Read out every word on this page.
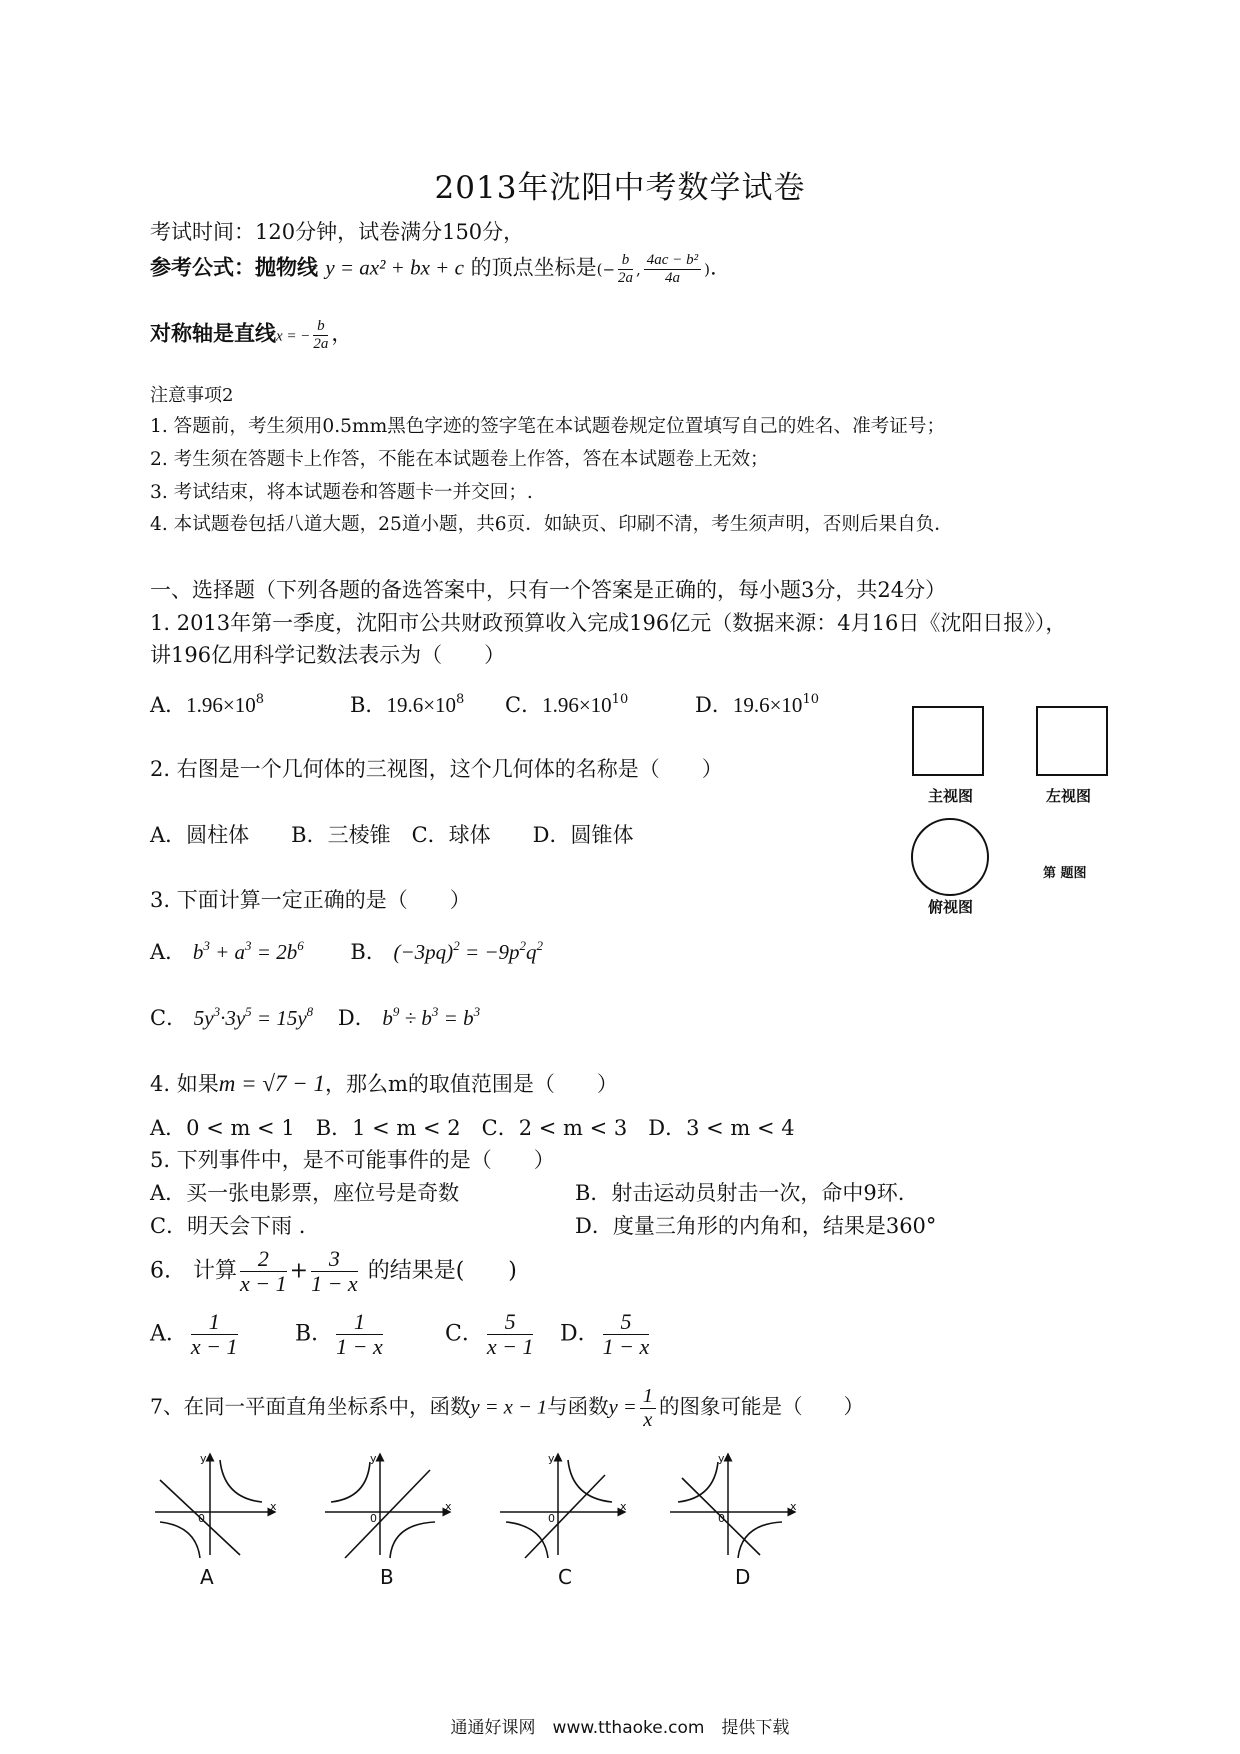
2013年沈阳中考数学试卷
考试时间：120分钟，试卷满分150分，
参考公式：抛物线 y = ax² + bx + c 的顶点坐标是(− $\frac{b}{2a}$ , $\frac{\text{4ac − b²}}{4a}$ ).
对称轴是直线x = − $\frac{b}{2a}$ ，
注意事项2
1. 答题前，考生须用0.5mm黑色字迹的签字笔在本试题卷规定位置填写自己的姓名、准考证号；
2. 考生须在答题卡上作答，不能在本试题卷上作答，答在本试题卷上无效；
3. 考试结束，将本试题卷和答题卡一并交回；.
4. 本试题卷包括八道大题，25道小题，共6页．如缺页、印刷不清，考生须声明，否则后果自负．
一、选择题（下列各题的备选答案中，只有一个答案是正确的，每小题3分，共24分）
1. 2013年第一季度，沈阳市公共财政预算收入完成196亿元（数据来源：4月16日《沈阳日报》），
讲196亿用科学记数法表示为（　　）
A．$1.96\times 10^8$	B．$19.6\times 10^8$ C．$1.96\times 10^{10}$	D．$19.6\times 10^{10}$
2. 右图是一个几何体的三视图，这个几何体的名称是（　　）
A．圆柱体　　B．三棱锥　C．球体　　D．圆锥体
主视图	左视图
俯视图
第 题图
3. 下面计算一定正确的是（　　）
A． $b^3 + a^3 = 2b^6$ B． $(-3pq)^2 = -9p^2q^2$
C． $5y^3\cdot 3y^5 = 15y^8$ D． $b^9 \div b^3 = b^3$
4. 如果m = √7 − 1，那么m的取值范围是（　　）
A．0 < m < 1　B．1 < m < 2　C．2 < m < 3　D．3 < m < 4
5. 下列事件中，是不可能事件的是（　　）
A．买一张电影票，座位号是奇数	B．射击运动员射击一次，命中9环.
C．明天会下雨 .	D．度量三角形的内角和，结果是360°
6.　计算 $\frac{2}{x - 1} + \frac{3}{1 - x}$ 的结果是(　　)
A． $\frac{1}{x - 1}$	B． $\frac{1}{1 - x}$	C． $\frac{5}{x - 1}$ D． $\frac{5}{1 - x}$
7、在同一平面直角坐标系中，函数y = x − 1与函数$y = \frac{1}{x}$ 的图象可能是（　　）
y
x
0
y
x
0
y
x
0
y
x
0
A	B	C	D
通通好课网　www.tthaoke.com　提供下载
